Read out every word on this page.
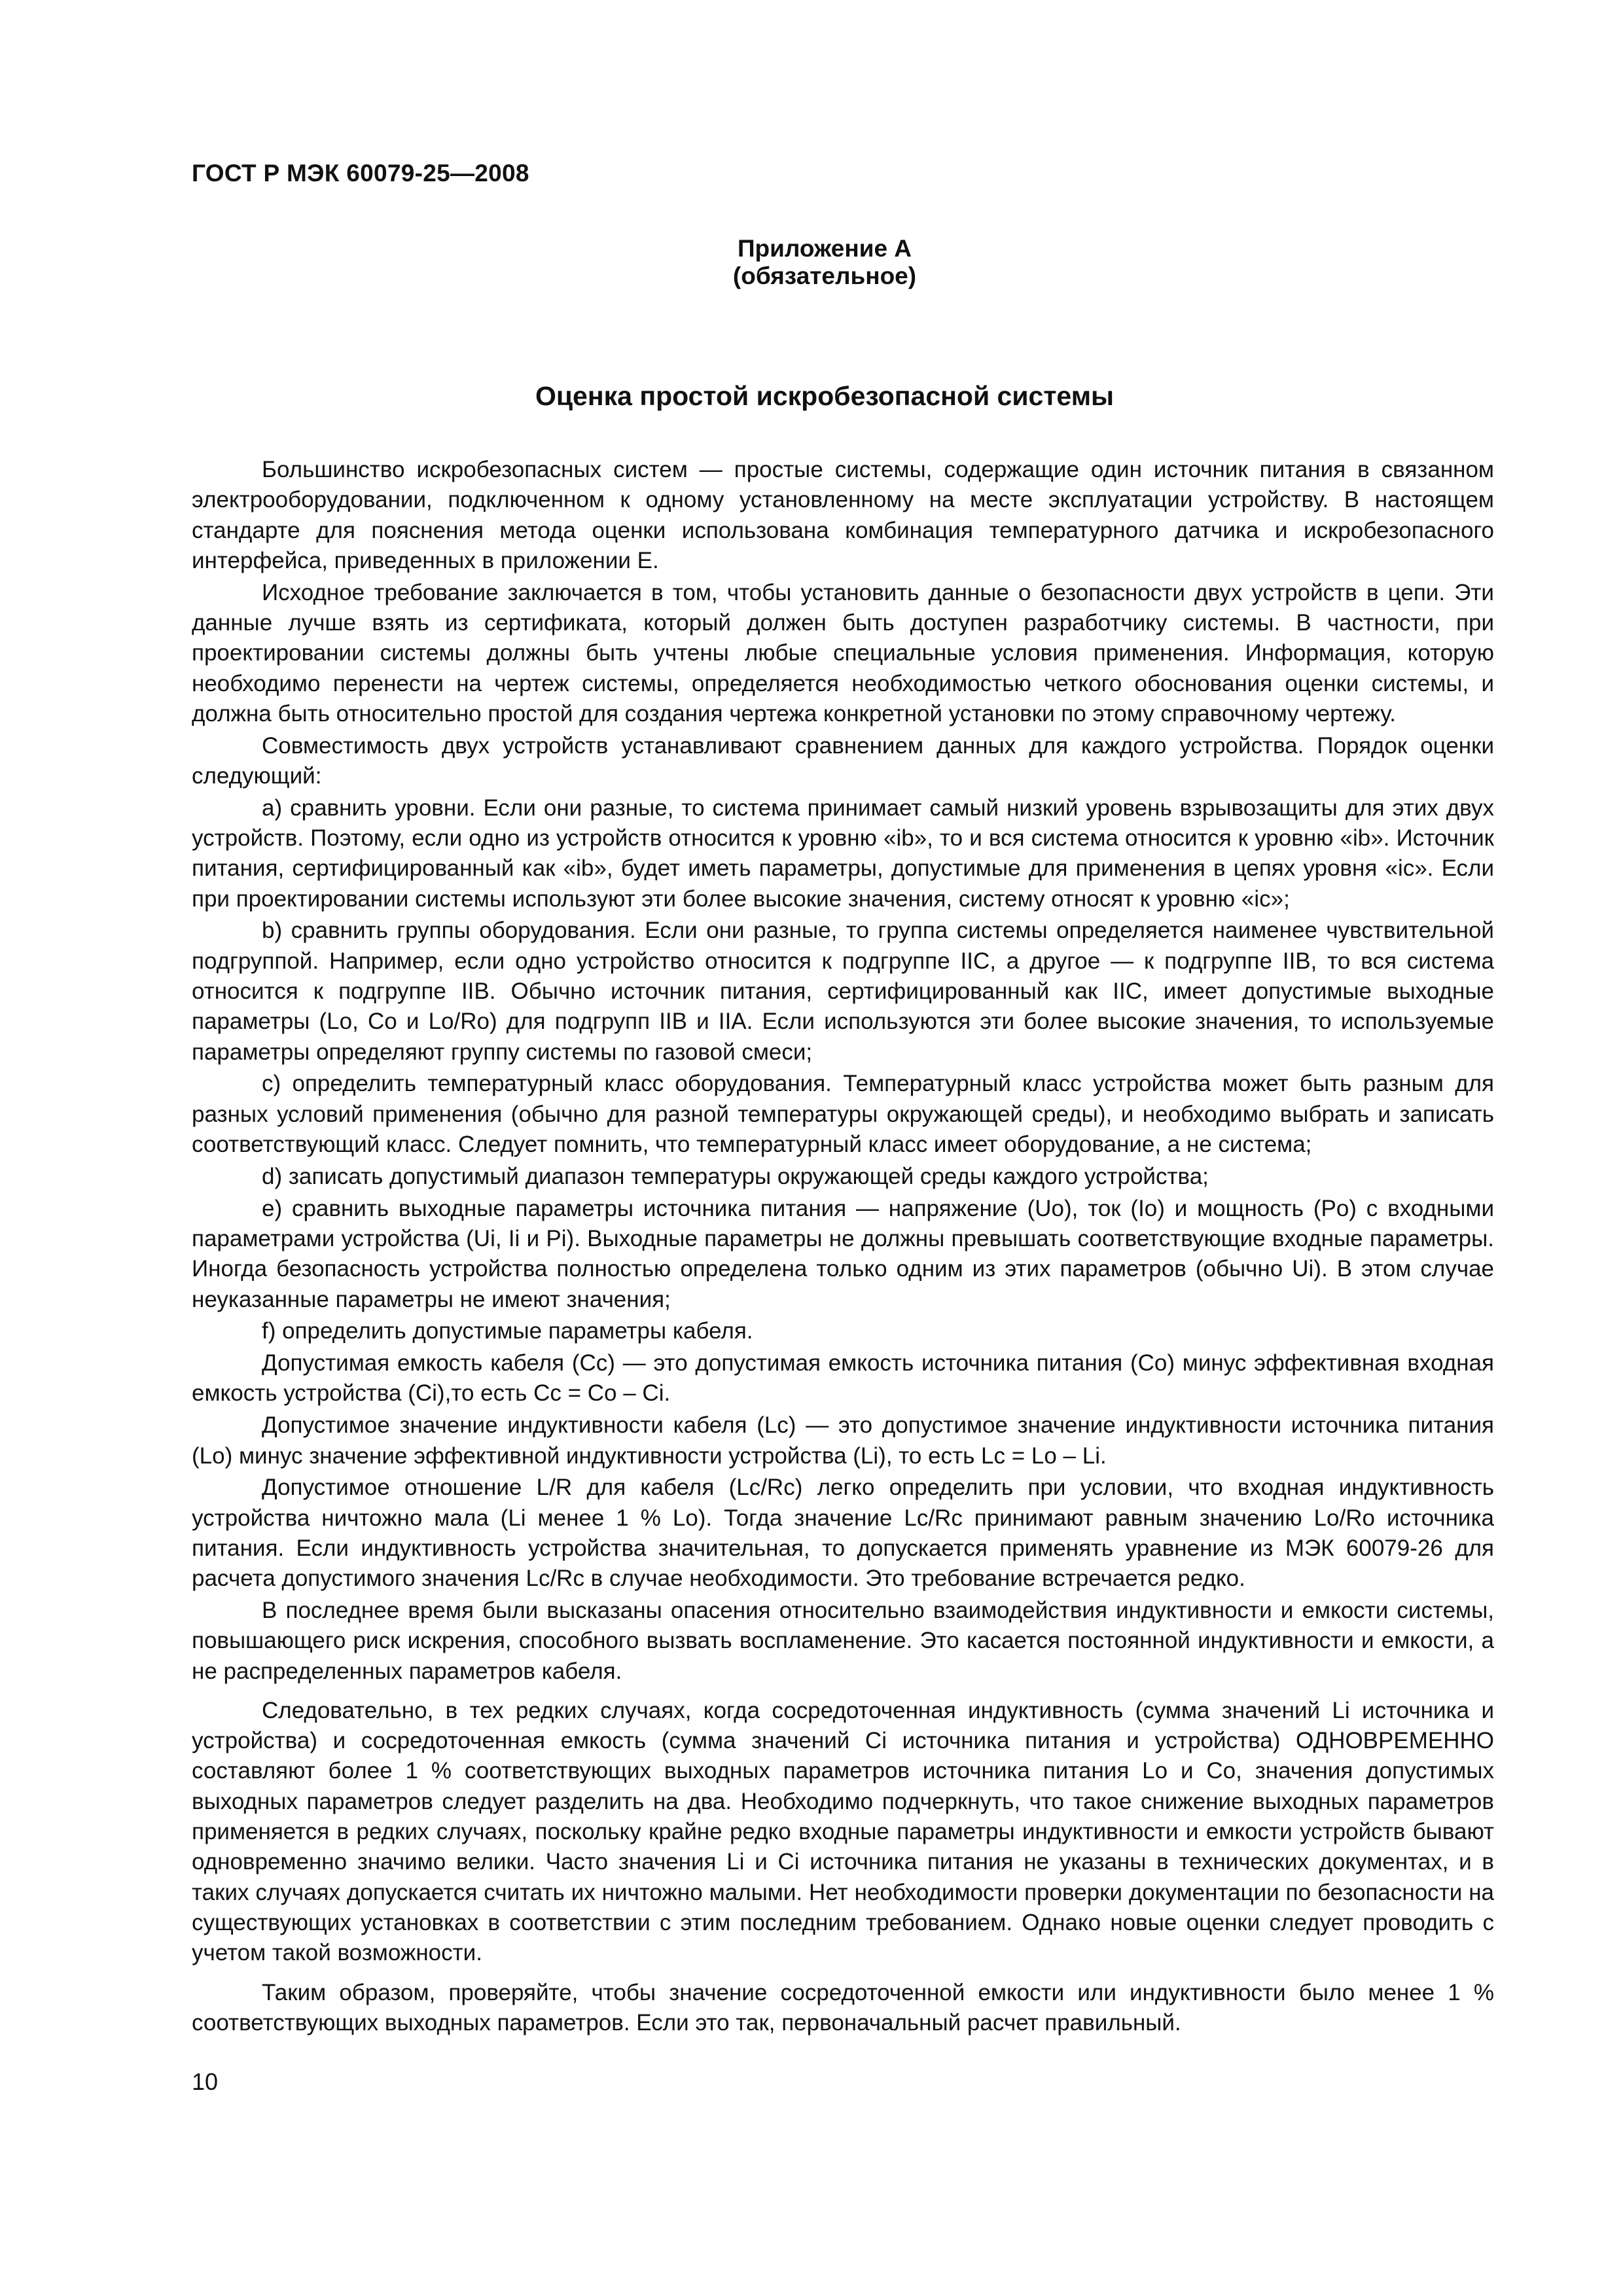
ГОСТ Р МЭК 60079-25—2008
Приложение А
(обязательное)
Оценка простой искробезопасной системы

Большинство искробезопасных систем — простые системы, содержащие один источник питания в связанном электрооборудовании, подключенном к одному установленному на месте эксплуатации устройству. В настоящем стандарте для пояснения метода оценки использована комбинация температурного датчика и искробезопасного интерфейса, приведенных в приложении Е.

Исходное требование заключается в том, чтобы установить данные о безопасности двух устройств в цепи. Эти данные лучше взять из сертификата, который должен быть доступен разработчику системы. В частности, при проектировании системы должны быть учтены любые специальные условия применения. Информация, которую необходимо перенести на чертеж системы, определяется необходимостью четкого обоснования оценки системы, и должна быть относительно простой для создания чертежа конкретной установки по этому справочному чертежу.

Совместимость двух устройств устанавливают сравнением данных для каждого устройства. Порядок оценки следующий:

a) сравнить уровни. Если они разные, то система принимает самый низкий уровень взрывозащиты для этих двух устройств. Поэтому, если одно из устройств относится к уровню «ib», то и вся система относится к уровню «ib». Источник питания, сертифицированный как «ib», будет иметь параметры, допустимые для применения в цепях уровня «ic». Если при проектировании системы используют эти более высокие значения, систему относят к уровню «ic»;

b) сравнить группы оборудования. Если они разные, то группа системы определяется наименее чувствительной подгруппой. Например, если одно устройство относится к подгруппе IIC, а другое — к подгруппе IIB, то вся система относится к подгруппе IIB. Обычно источник питания, сертифицированный как IIC, имеет допустимые выходные параметры (Lo, Co и Lo/Ro) для подгрупп IIB и IIA. Если используются эти более высокие значения, то используемые параметры определяют группу системы по газовой смеси;

c) определить температурный класс оборудования. Температурный класс устройства может быть разным для разных условий применения (обычно для разной температуры окружающей среды), и необходимо выбрать и записать соответствующий класс. Следует помнить, что температурный класс имеет оборудование, а не система;

d) записать допустимый диапазон температуры окружающей среды каждого устройства;

e) сравнить выходные параметры источника питания — напряжение (Uo), ток (Io) и мощность (Po) с входными параметрами устройства (Ui, Ii и Pi). Выходные параметры не должны превышать соответствующие входные параметры. Иногда безопасность устройства полностью определена только одним из этих параметров (обычно Ui). В этом случае неуказанные параметры не имеют значения;

f) определить допустимые параметры кабеля.

Допустимая емкость кабеля (Cc) — это допустимая емкость источника питания (Co) минус эффективная входная емкость устройства (Ci),то есть Cc = Co – Ci.

Допустимое значение индуктивности кабеля (Lc) — это допустимое значение индуктивности источника питания (Lo) минус значение эффективной индуктивности устройства (Li), то есть Lc = Lo – Li.

Допустимое отношение L/R для кабеля (Lc/Rc) легко определить при условии, что входная индуктивность устройства ничтожно мала (Li менее 1 % Lo). Тогда значение Lc/Rc принимают равным значению Lo/Ro источника питания. Если индуктивность устройства значительная, то допускается применять уравнение из МЭК 60079-26 для расчета допустимого значения Lc/Rc в случае необходимости. Это требование встречается редко.

В последнее время были высказаны опасения относительно взаимодействия индуктивности и емкости системы, повышающего риск искрения, способного вызвать воспламенение. Это касается постоянной индуктивности и емкости, а не распределенных параметров кабеля.

Следовательно, в тех редких случаях, когда сосредоточенная индуктивность (сумма значений Li источника и устройства) и сосредоточенная емкость (сумма значений Ci источника питания и устройства) ОДНОВРЕМЕННО составляют более 1 % соответствующих выходных параметров источника питания Lo и Co, значения допустимых выходных параметров следует разделить на два. Необходимо подчеркнуть, что такое снижение выходных параметров применяется в редких случаях, поскольку крайне редко входные параметры индуктивности и емкости устройств бывают одновременно значимо велики. Часто значения Li и Ci источника питания не указаны в технических документах, и в таких случаях допускается считать их ничтожно малыми. Нет необходимости проверки документации по безопасности на существующих установках в соответствии с этим последним требованием. Однако новые оценки следует проводить с учетом такой возможности.

Таким образом, проверяйте, чтобы значение сосредоточенной емкости или индуктивности было менее 1 % соответствующих выходных параметров. Если это так, первоначальный расчет правильный.

10
